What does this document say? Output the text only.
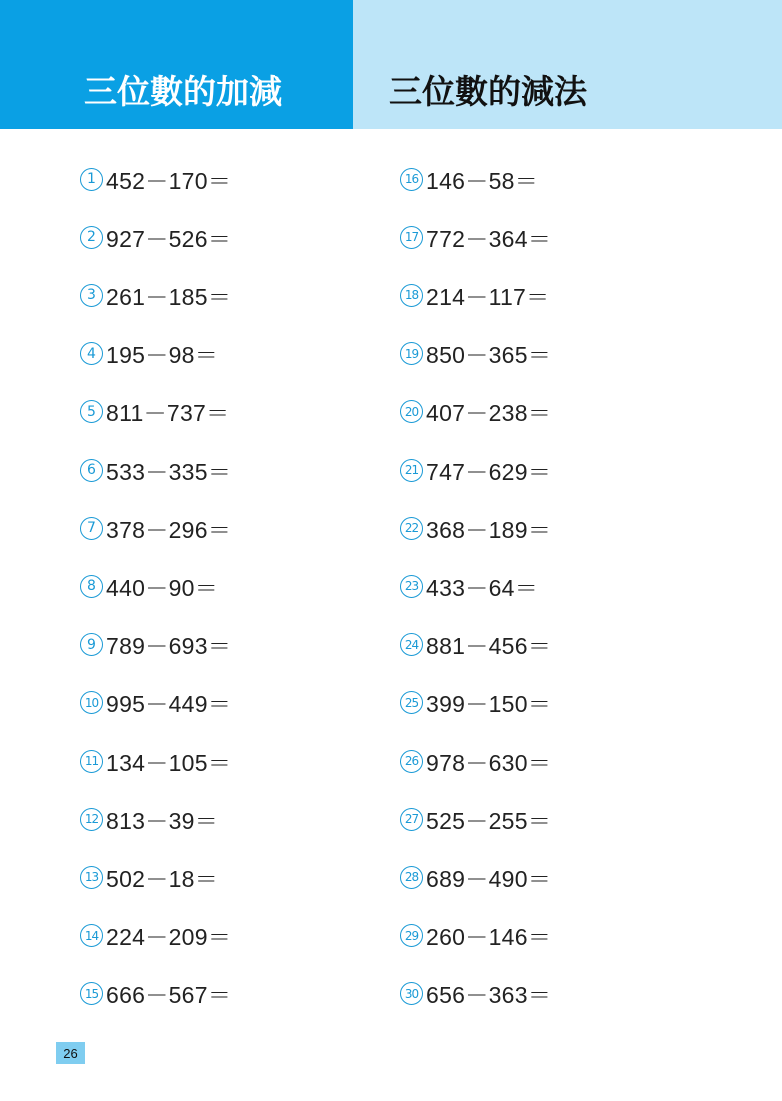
三位數的加減	三位數的減法
1 452－170＝
2 927－526＝
3 261－185＝
4 195－98＝
5 811－737＝
6 533－335＝
7 378－296＝
8 440－90＝
9 789－693＝
10 995－449＝
11 134－105＝
12 813－39＝
13 502－18＝
14 224－209＝
15 666－567＝
16 146－58＝
17 772－364＝
18 214－117＝
19 850－365＝
20 407－238＝
21 747－629＝
22 368－189＝
23 433－64＝
24 881－456＝
25 399－150＝
26 978－630＝
27 525－255＝
28 689－490＝
29 260－146＝
30 656－363＝
26
